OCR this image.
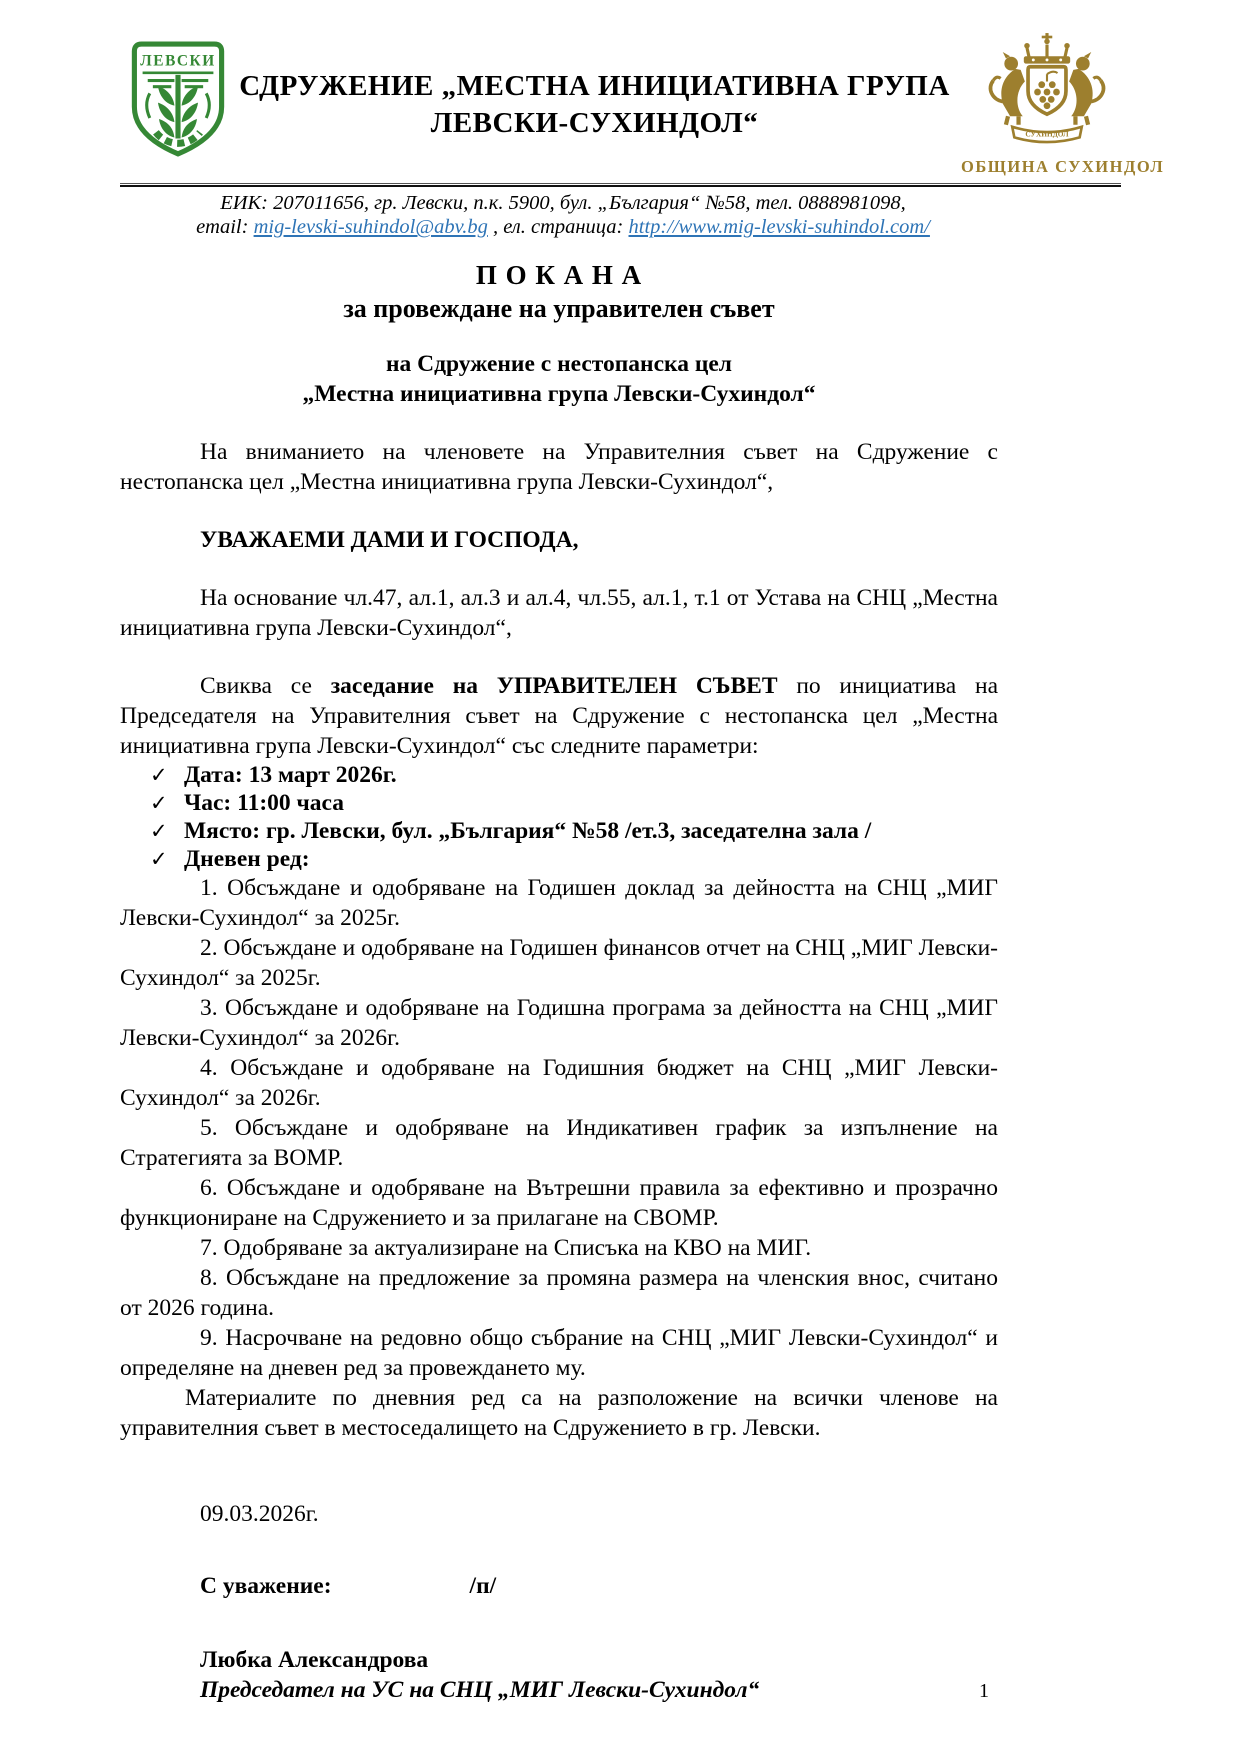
ЛЕВСКИ
СДРУЖЕНИЕ „МЕСТНА ИНИЦИАТИВНА ГРУПА
ЛЕВСКИ-СУХИНДОЛ“	СУХИНДОЛ
ОБЩИНА СУХИНДОЛ
ЕИК: 207011656, гр. Левски, п.к. 5900, бул. „България“ №58, тел. 0888981098,
email: mig-levski-suhindol@abv.bg , ел. страница: http://www.mig-levski-suhindol.com/
П О К А Н А
за провеждане на управителен съвет
на Сдружение с нестопанска цел
„Местна инициативна група Левски-Сухиндол“

На вниманието на членовете на Управителния съвет на Сдружение с нестопанска цел „Местна инициативна група Левски-Сухиндол“,

УВАЖАЕМИ ДАМИ И ГОСПОДА,

На основание чл.47, ал.1, ал.3 и ал.4, чл.55, ал.1, т.1 от Устава на СНЦ „Местна инициативна група Левски-Сухиндол“,

Свиква се заседание на УПРАВИТЕЛЕН СЪВЕТ по инициатива на Председателя на Управителния съвет на Сдружение с нестопанска цел „Местна инициативна група Левски-Сухиндол“ със следните параметри:

✓ Дата: 13 март 2026г.
✓ Час: 11:00 часа
✓ Място: гр. Левски, бул. „България“ №58 /ет.3, заседателна зала /
✓ Дневен ред:

1. Обсъждане и одобряване на Годишен доклад за дейността на СНЦ „МИГ Левски-Сухиндол“ за 2025г.

2. Обсъждане и одобряване на Годишен финансов отчет на СНЦ „МИГ Левски-Сухиндол“ за 2025г.

3. Обсъждане и одобряване на Годишна програма за дейността на СНЦ „МИГ Левски-Сухиндол“ за 2026г.

4. Обсъждане и одобряване на Годишния бюджет на СНЦ „МИГ Левски-Сухиндол“ за 2026г.

5. Обсъждане и одобряване на Индикативен график за изпълнение на Стратегията за ВОМР.

6. Обсъждане и одобряване на Вътрешни правила за ефективно и прозрачно функциониране на Сдружението и за прилагане на СВОМР.

7. Одобряване за актуализиране на Списъка на КВО на МИГ.

8. Обсъждане на предложение за промяна размера на членския внос, считано от 2026 година.

9. Насрочване на редовно общо събрание на СНЦ „МИГ Левски-Сухиндол“ и определяне на дневен ред за провеждането му.

Материалите по дневния ред са на разположение на всички членове на управителния съвет в местоседалището на Сдружението в гр. Левски.

09.03.2026г.

С уважение:	/п/

Любка Александрова

Председател на УС на СНЦ „МИГ Левски-Сухиндол“	1
